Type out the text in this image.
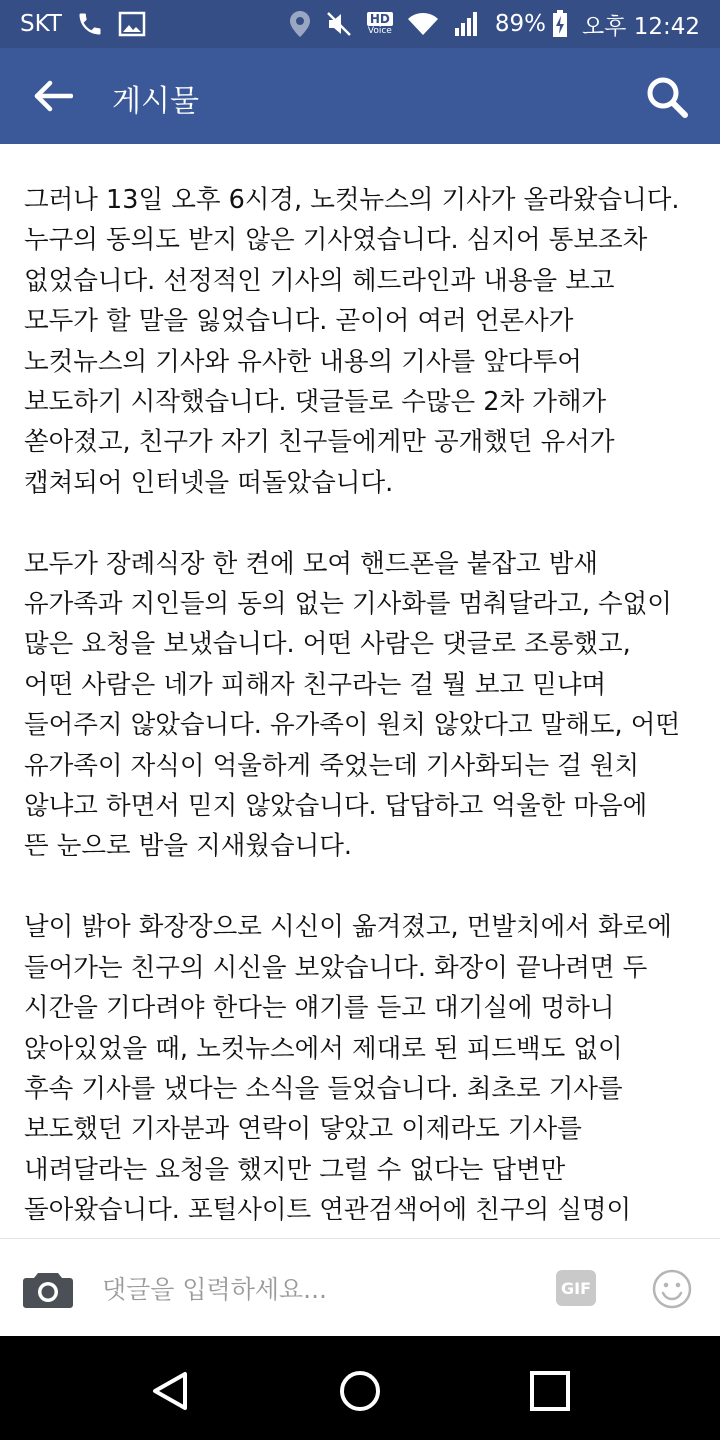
SKT	HD
Voice	89% 오후 12:42
게시물

그러나 13일 오후 6시경, 노컷뉴스의 기사가 올라왔습니다.
누구의 동의도 받지 않은 기사였습니다. 심지어 통보조차
없었습니다. 선정적인 기사의 헤드라인과 내용을 보고
모두가 할 말을 잃었습니다. 곧이어 여러 언론사가
노컷뉴스의 기사와 유사한 내용의 기사를 앞다투어
보도하기 시작했습니다. 댓글들로 수많은 2차 가해가
쏟아졌고, 친구가 자기 친구들에게만 공개했던 유서가
캡쳐되어 인터넷을 떠돌았습니다.

모두가 장례식장 한 켠에 모여 핸드폰을 붙잡고 밤새
유가족과 지인들의 동의 없는 기사화를 멈춰달라고, 수없이
많은 요청을 보냈습니다. 어떤 사람은 댓글로 조롱했고,
어떤 사람은 네가 피해자 친구라는 걸 뭘 보고 믿냐며
들어주지 않았습니다. 유가족이 원치 않았다고 말해도, 어떤
유가족이 자식이 억울하게 죽었는데 기사화되는 걸 원치
않냐고 하면서 믿지 않았습니다. 답답하고 억울한 마음에
뜬 눈으로 밤을 지새웠습니다.

날이 밝아 화장장으로 시신이 옮겨졌고, 먼발치에서 화로에
들어가는 친구의 시신을 보았습니다. 화장이 끝나려면 두
시간을 기다려야 한다는 얘기를 듣고 대기실에 멍하니
앉아있었을 때, 노컷뉴스에서 제대로 된 피드백도 없이
후속 기사를 냈다는 소식을 들었습니다. 최초로 기사를
보도했던 기자분과 연락이 닿았고 이제라도 기사를
내려달라는 요청을 했지만 그럴 수 없다는 답변만
돌아왔습니다. 포털사이트 연관검색어에 친구의 실명이

댓글을 입력하세요...
GIF
